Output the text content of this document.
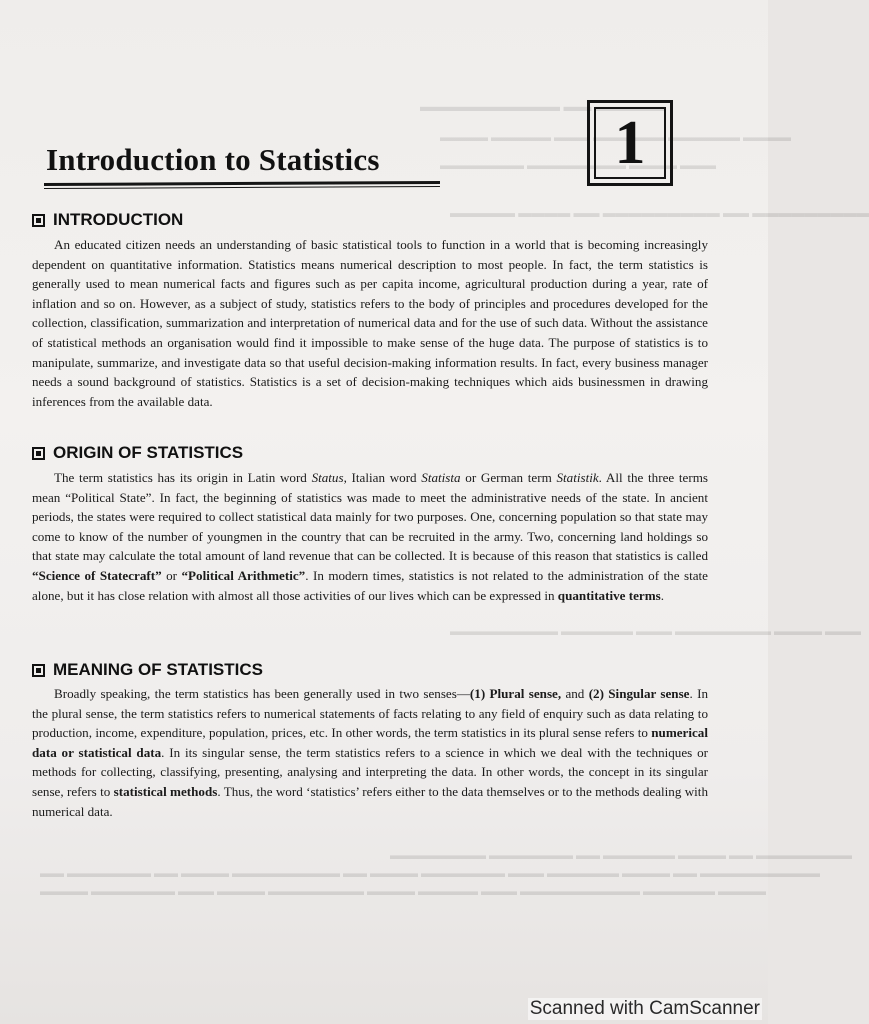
▬▬▬▬▬ ▬▬ ▬▬▬▬▬▬▬▬▬▬
▬▬▬▬ ▬▬▬▬▬▬ ▬▬▬▬▬▬ ▬▬▬ ▬▬▬▬▬ ▬▬▬▬
▬▬▬ ▬▬▬▬ ▬▬▬ ▬▬▬▬▬ ▬▬▬▬▬▬▬
▬▬▬▬▬▬▬▬▬ ▬▬ ▬▬▬▬▬▬▬▬▬ ▬▬ ▬▬▬▬ ▬▬▬▬▬
▬▬▬ ▬▬▬▬ ▬▬▬▬▬▬▬▬ ▬▬▬ ▬▬▬▬▬▬ ▬▬▬▬▬▬▬▬▬
▬▬▬▬▬▬▬▬ ▬▬ ▬▬▬▬ ▬▬▬▬▬▬ ▬▬ ▬▬▬▬▬▬▬ ▬▬▬▬▬▬▬▬
▬▬▬▬▬▬▬▬▬▬ ▬▬ ▬▬▬▬ ▬▬▬▬▬▬ ▬▬▬ ▬▬▬▬▬▬▬ ▬▬▬▬ ▬▬ ▬▬▬▬▬▬▬▬▬ ▬▬▬▬ ▬▬ ▬▬▬▬▬▬▬ ▬▬
▬▬▬▬ ▬▬▬▬▬▬ ▬▬▬▬▬▬▬▬▬▬ ▬▬▬ ▬▬▬▬▬ ▬▬▬▬ ▬▬▬▬▬▬▬▬ ▬▬▬▬ ▬▬▬ ▬▬▬▬▬▬▬ ▬▬▬▬
Introduction to Statistics	1
INTRODUCTION

An educated citizen needs an understanding of basic statistical tools to function in a world that is becoming increasingly dependent on quantitative information. Statistics means numerical description to most people. In fact, the term statistics is generally used to mean numerical facts and figures such as per capita income, agricultural production during a year, rate of inflation and so on. However, as a subject of study, statistics refers to the body of principles and procedures developed for the collection, classification, summarization and interpretation of numerical data and for the use of such data. Without the assistance of statistical methods an organisation would find it impossible to make sense of the huge data. The purpose of statistics is to manipulate, summarize, and investigate data so that useful decision-making information results. In fact, every business manager needs a sound background of statistics. Statistics is a set of decision-making techniques which aids businessmen in drawing inferences from the available data.

ORIGIN OF STATISTICS

The term statistics has its origin in Latin word Status, Italian word Statista or German term Statistik. All the three terms mean “Political State”. In fact, the beginning of statistics was made to meet the administrative needs of the state. In ancient periods, the states were required to collect statistical data mainly for two purposes. One, concerning population so that state may come to know of the number of youngmen in the country that can be recruited in the army. Two, concerning land holdings so that state may calculate the total amount of land revenue that can be collected. It is because of this reason that statistics is called “Science of Statecraft” or “Political Arithmetic”. In modern times, statistics is not related to the administration of the state alone, but it has close relation with almost all those activities of our lives which can be expressed in quantitative terms.

MEANING OF STATISTICS

Broadly speaking, the term statistics has been generally used in two senses—(1) Plural sense, and (2) Singular sense. In the plural sense, the term statistics refers to numerical statements of facts relating to any field of enquiry such as data relating to production, income, expenditure, population, prices, etc. In other words, the term statistics in its plural sense refers to numerical data or statistical data. In its singular sense, the term statistics refers to a science in which we deal with the techniques or methods for collecting, classifying, presenting, analysing and interpreting the data. In other words, the concept in its singular sense, refers to statistical methods. Thus, the word ‘statistics’ refers either to the data themselves or to the methods dealing with numerical data.

Scanned with CamScanner
